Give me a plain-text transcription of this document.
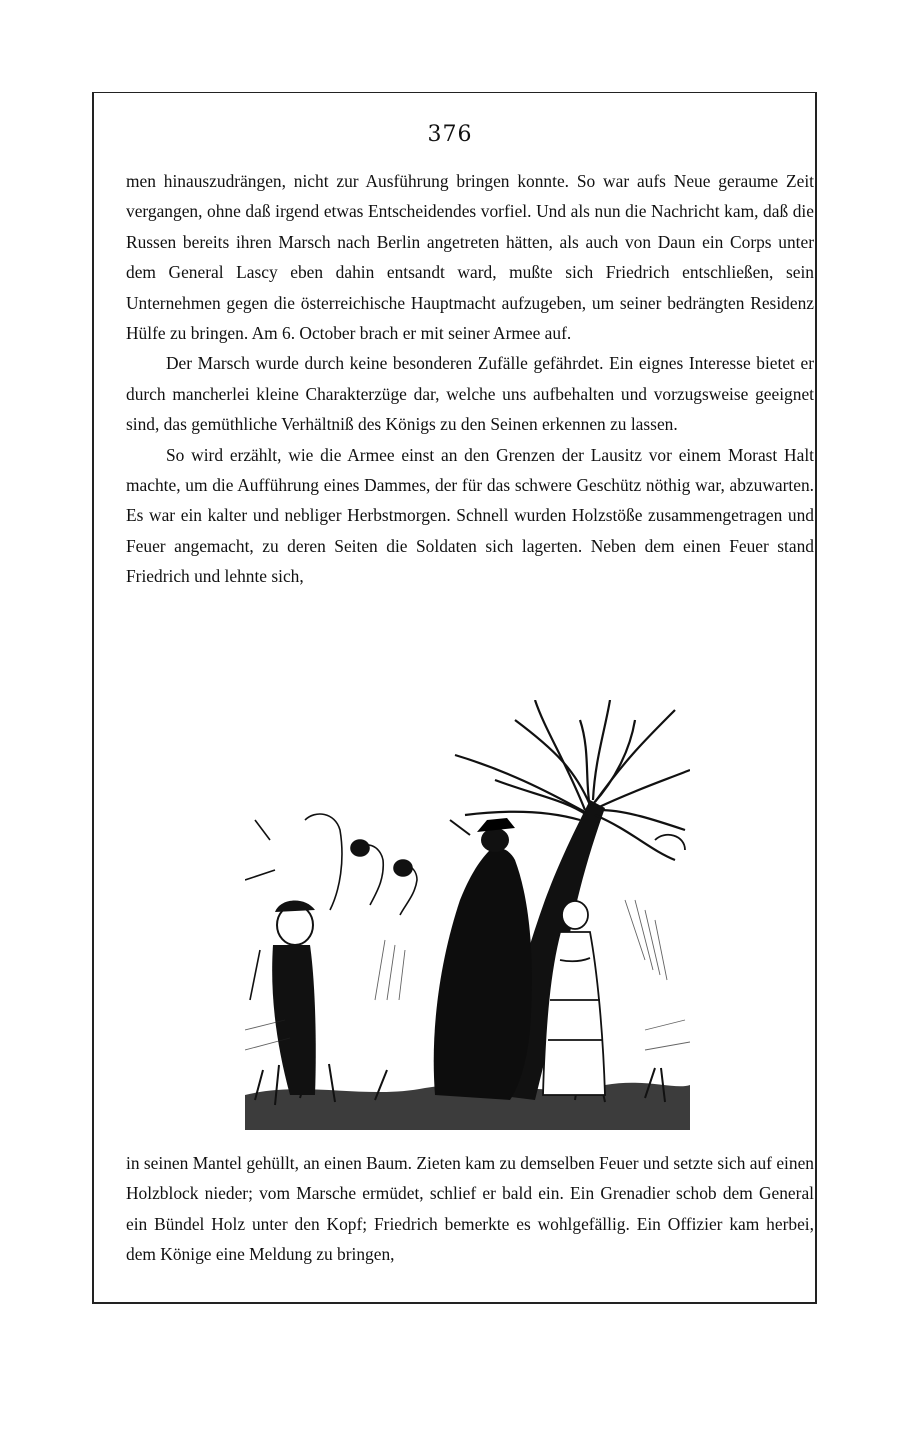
376

men hinauszudrängen, nicht zur Ausführung bringen konnte. So war aufs Neue geraume Zeit vergangen, ohne daß irgend etwas Entscheidendes vorfiel. Und als nun die Nachricht kam, daß die Russen bereits ihren Marsch nach Berlin angetreten hätten, als auch von Daun ein Corps unter dem General Lascy eben dahin entsandt ward, mußte sich Friedrich entschließen, sein Unternehmen gegen die österreichische Hauptmacht aufzugeben, um seiner bedrängten Residenz Hülfe zu bringen. Am 6. October brach er mit seiner Armee auf.

Der Marsch wurde durch keine besonderen Zufälle gefährdet. Ein eignes Interesse bietet er durch mancherlei kleine Charakterzüge dar, welche uns aufbehalten und vorzugsweise geeignet sind, das gemüthliche Verhältniß des Königs zu den Seinen erkennen zu lassen.

So wird erzählt, wie die Armee einst an den Grenzen der Lausitz vor einem Morast Halt machte, um die Aufführung eines Dammes, der für das schwere Geschütz nöthig war, abzuwarten. Es war ein kalter und nebliger Herbstmorgen. Schnell wurden Holzstöße zusammengetragen und Feuer angemacht, zu deren Seiten die Soldaten sich lagerten. Neben dem einen Feuer stand Friedrich und lehnte sich,

in seinen Mantel gehüllt, an einen Baum. Zieten kam zu demselben Feuer und setzte sich auf einen Holzblock nieder; vom Marsche ermüdet, schlief er bald ein. Ein Grenadier schob dem General ein Bündel Holz unter den Kopf; Friedrich bemerkte es wohlgefällig. Ein Offizier kam herbei, dem Könige eine Meldung zu bringen,
